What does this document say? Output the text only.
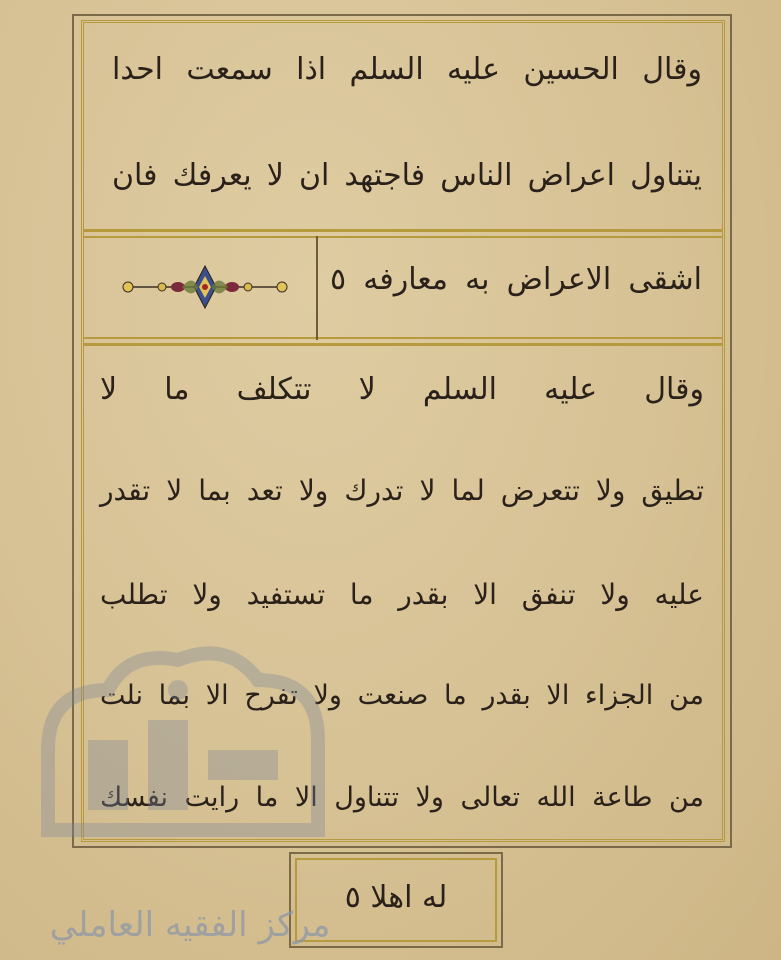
وقال الحسين عليه السلم اذا سمعت احدا
يتناول اعراض الناس فاجتهد ان لا يعرفك فان
اشقى الاعراض به معارفه ٥
وقال عليه السلم لا تتكلف ما لا
تطيق ولا تتعرض لما لا تدرك ولا تعد بما لا تقدر
عليه ولا تنفق الا بقدر ما تستفيد ولا تطلب
من الجزاء الا بقدر ما صنعت ولا تفرح الا بما نلت
من طاعة الله تعالى ولا تتناول الا ما رايت نفسك
له اهلا ٥
مركز الفقيه العاملي
